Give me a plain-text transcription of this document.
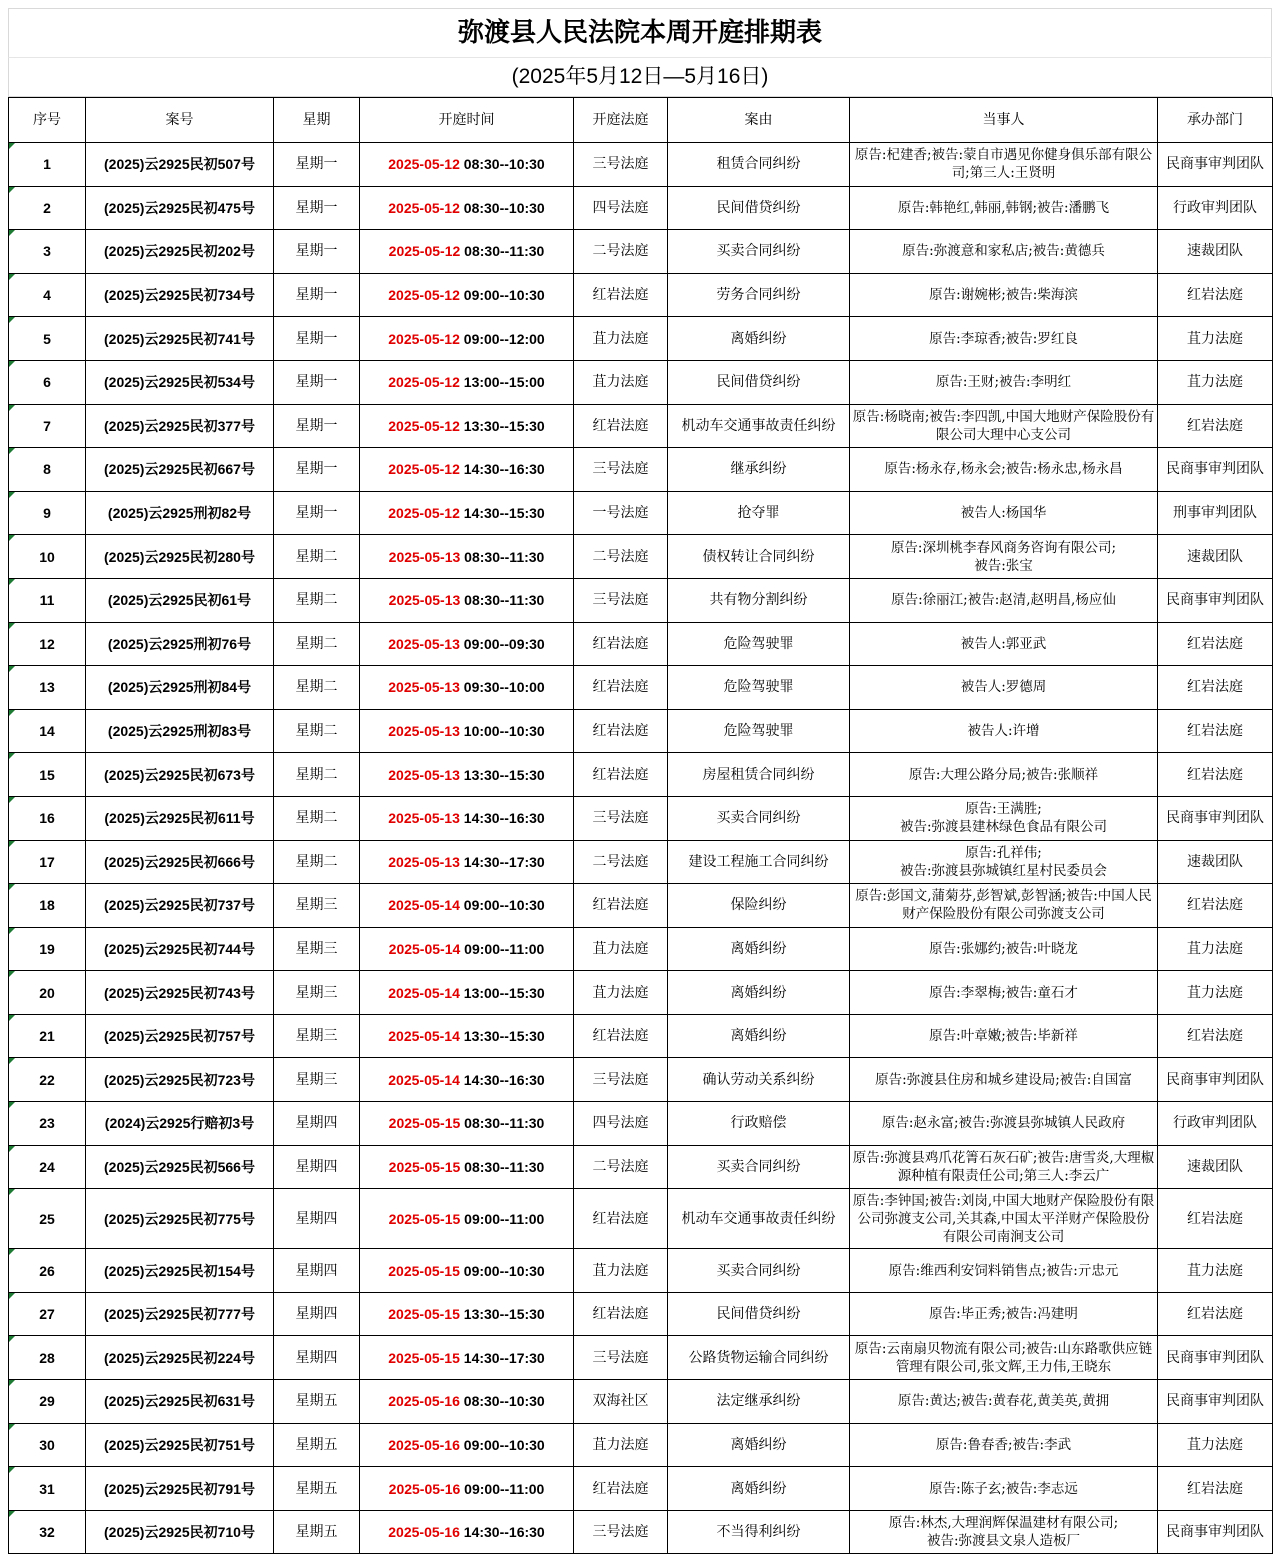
弥渡县人民法院本周开庭排期表
(2025年5月12日—5月16日)
序号	案号	星期	开庭时间	开庭法庭	案由	当事人	承办部门
1	(2025)云2925民初507号	星期一	2025-05-12 08:30--10:30	三号法庭	租赁合同纠纷	原告:杞建香;被告:蒙自市遇见你健身俱乐部有限公司;第三人:王贤明	民商事审判团队
2	(2025)云2925民初475号	星期一	2025-05-12 08:30--10:30	四号法庭	民间借贷纠纷	原告:韩艳红,韩丽,韩钢;被告:潘鹏飞	行政审判团队
3	(2025)云2925民初202号	星期一	2025-05-12 08:30--11:30	二号法庭	买卖合同纠纷	原告:弥渡意和家私店;被告:黄德兵	速裁团队
4	(2025)云2925民初734号	星期一	2025-05-12 09:00--10:30	红岩法庭	劳务合同纠纷	原告:谢婉彬;被告:柴海滨	红岩法庭
5	(2025)云2925民初741号	星期一	2025-05-12 09:00--12:00	苴力法庭	离婚纠纷	原告:李琼香;被告:罗红良	苴力法庭
6	(2025)云2925民初534号	星期一	2025-05-12 13:00--15:00	苴力法庭	民间借贷纠纷	原告:王财;被告:李明红	苴力法庭
7	(2025)云2925民初377号	星期一	2025-05-12 13:30--15:30	红岩法庭	机动车交通事故责任纠纷	原告:杨晓南;被告:李四凯,中国大地财产保险股份有限公司大理中心支公司	红岩法庭
8	(2025)云2925民初667号	星期一	2025-05-12 14:30--16:30	三号法庭	继承纠纷	原告:杨永存,杨永会;被告:杨永忠,杨永昌	民商事审判团队
9	(2025)云2925刑初82号	星期一	2025-05-12 14:30--15:30	一号法庭	抢夺罪	被告人:杨国华	刑事审判团队
10	(2025)云2925民初280号	星期二	2025-05-13 08:30--11:30	二号法庭	债权转让合同纠纷	原告:深圳桃李春风商务咨询有限公司;
被告:张宝	速裁团队
11	(2025)云2925民初61号	星期二	2025-05-13 08:30--11:30	三号法庭	共有物分割纠纷	原告:徐丽江;被告:赵清,赵明昌,杨应仙	民商事审判团队
12	(2025)云2925刑初76号	星期二	2025-05-13 09:00--09:30	红岩法庭	危险驾驶罪	被告人:郭亚武	红岩法庭
13	(2025)云2925刑初84号	星期二	2025-05-13 09:30--10:00	红岩法庭	危险驾驶罪	被告人:罗德周	红岩法庭
14	(2025)云2925刑初83号	星期二	2025-05-13 10:00--10:30	红岩法庭	危险驾驶罪	被告人:许增	红岩法庭
15	(2025)云2925民初673号	星期二	2025-05-13 13:30--15:30	红岩法庭	房屋租赁合同纠纷	原告:大理公路分局;被告:张顺祥	红岩法庭
16	(2025)云2925民初611号	星期二	2025-05-13 14:30--16:30	三号法庭	买卖合同纠纷	原告:王满胜;
被告:弥渡县建林绿色食品有限公司	民商事审判团队
17	(2025)云2925民初666号	星期二	2025-05-13 14:30--17:30	二号法庭	建设工程施工合同纠纷	原告:孔祥伟;
被告:弥渡县弥城镇红星村民委员会	速裁团队
18	(2025)云2925民初737号	星期三	2025-05-14 09:00--10:30	红岩法庭	保险纠纷	原告:彭国文,蒲菊芬,彭智斌,彭智涵;被告:中国人民财产保险股份有限公司弥渡支公司	红岩法庭
19	(2025)云2925民初744号	星期三	2025-05-14 09:00--11:00	苴力法庭	离婚纠纷	原告:张娜约;被告:叶晓龙	苴力法庭
20	(2025)云2925民初743号	星期三	2025-05-14 13:00--15:30	苴力法庭	离婚纠纷	原告:李翠梅;被告:童石才	苴力法庭
21	(2025)云2925民初757号	星期三	2025-05-14 13:30--15:30	红岩法庭	离婚纠纷	原告:叶章嫩;被告:毕新祥	红岩法庭
22	(2025)云2925民初723号	星期三	2025-05-14 14:30--16:30	三号法庭	确认劳动关系纠纷	原告:弥渡县住房和城乡建设局;被告:自国富	民商事审判团队
23	(2024)云2925行赔初3号	星期四	2025-05-15 08:30--11:30	四号法庭	行政赔偿	原告:赵永富;被告:弥渡县弥城镇人民政府	行政审判团队
24	(2025)云2925民初566号	星期四	2025-05-15 08:30--11:30	二号法庭	买卖合同纠纷	原告:弥渡县鸡爪花箐石灰石矿;被告:唐雪炎,大理椒源种植有限责任公司;第三人:李云广	速裁团队
25	(2025)云2925民初775号	星期四	2025-05-15 09:00--11:00	红岩法庭	机动车交通事故责任纠纷	原告:李钟国;被告:刘岗,中国大地财产保险股份有限公司弥渡支公司,关其森,中国太平洋财产保险股份有限公司南涧支公司	红岩法庭
26	(2025)云2925民初154号	星期四	2025-05-15 09:00--10:30	苴力法庭	买卖合同纠纷	原告:维西利安饲料销售点;被告:亓忠元	苴力法庭
27	(2025)云2925民初777号	星期四	2025-05-15 13:30--15:30	红岩法庭	民间借贷纠纷	原告:毕正秀;被告:冯建明	红岩法庭
28	(2025)云2925民初224号	星期四	2025-05-15 14:30--17:30	三号法庭	公路货物运输合同纠纷	原告:云南扇贝物流有限公司;被告:山东路歌供应链管理有限公司,张文辉,王力伟,王晓东	民商事审判团队
29	(2025)云2925民初631号	星期五	2025-05-16 08:30--10:30	双海社区	法定继承纠纷	原告:黄达;被告:黄春花,黄美英,黄拥	民商事审判团队
30	(2025)云2925民初751号	星期五	2025-05-16 09:00--10:30	苴力法庭	离婚纠纷	原告:鲁春香;被告:李武	苴力法庭
31	(2025)云2925民初791号	星期五	2025-05-16 09:00--11:00	红岩法庭	离婚纠纷	原告:陈子玄;被告:李志远	红岩法庭
32	(2025)云2925民初710号	星期五	2025-05-16 14:30--16:30	三号法庭	不当得利纠纷	原告:林杰,大理润辉保温建材有限公司;
被告:弥渡县文泉人造板厂	民商事审判团队
